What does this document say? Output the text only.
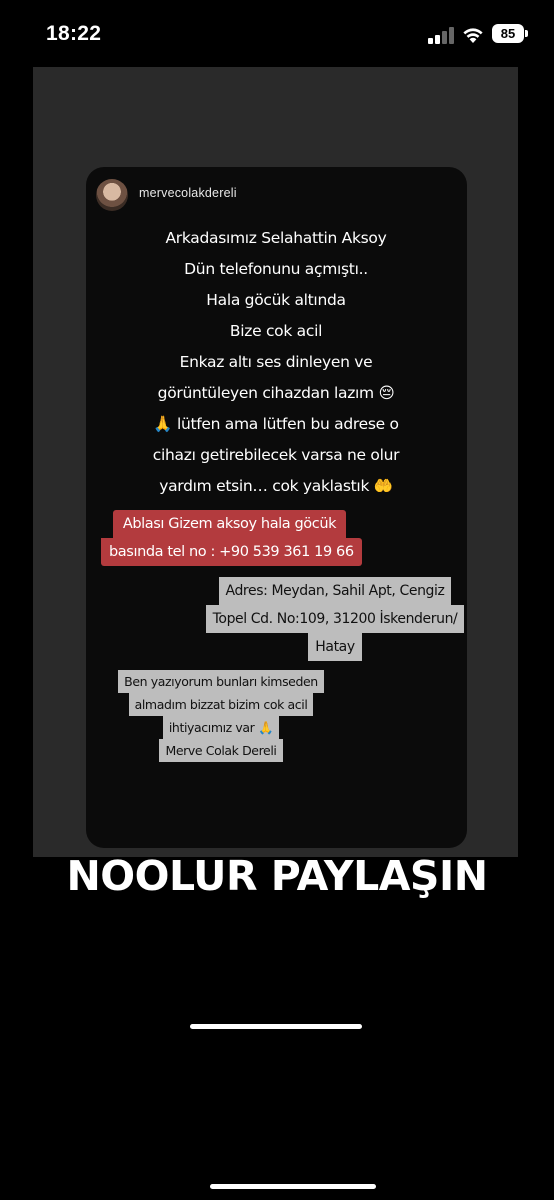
18:22	85
mervecolakdereli
Arkadasımız Selahattin Aksoy
Dün telefonunu açmıştı..
Hala göcük altında
Bize cok acil
Enkaz altı ses dinleyen ve
görüntüleyen cihazdan lazım 😔
🙏 lütfen ama lütfen bu adrese o
cihazı getirebilecek varsa ne olur
yardım etsin… cok yaklastık 🤲
Ablası Gizem aksoy hala göcük
basında tel no : +90 539 361 19 66
Adres: Meydan, Sahil Apt, Cengiz
Topel Cd. No:109, 31200 İskenderun/
Hatay
Ben yazıyorum bunları kimseden
almadım bizzat bizim cok acil
ihtiyacımız var 🙏
Merve Colak Dereli
NOOLUR PAYLAŞIN
